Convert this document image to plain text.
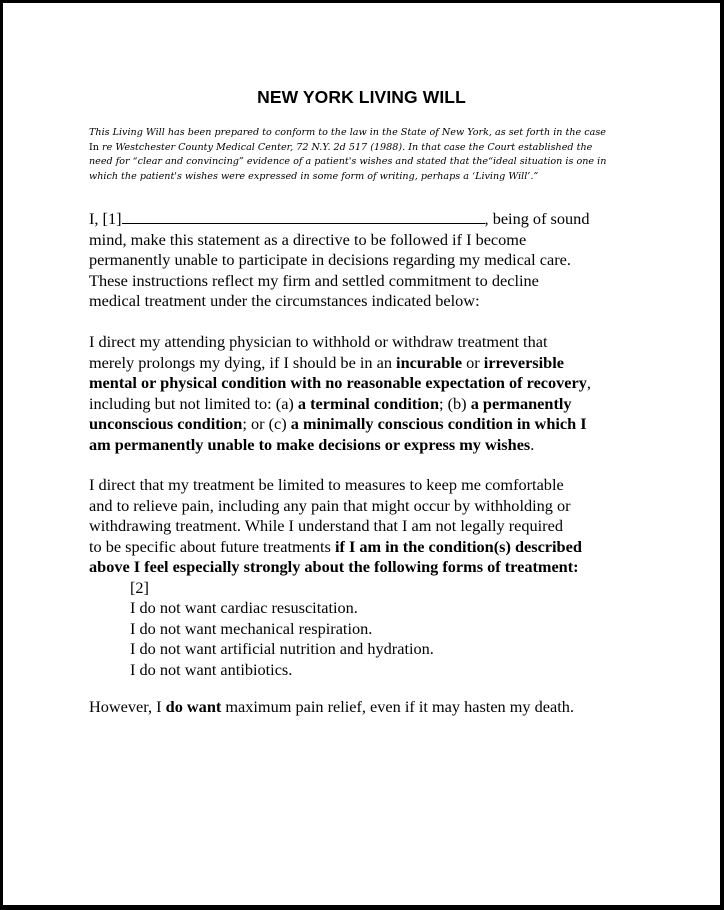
NEW YORK LIVING WILL
This Living Will has been prepared to conform to the law in the State of New York, as set forth in the case
In re Westchester County Medical Center, 72 N.Y. 2d 517 (1988). In that case the Court established the
need for “clear and convincing” evidence of a patient's wishes and stated that the“ideal situation is one in
which the patient's wishes were expressed in some form of writing, perhaps a ‘Living Will’.”
I, [1]	, being of sound
mind, make this statement as a directive to be followed if I become
permanently unable to participate in decisions regarding my medical care.
These instructions reflect my firm and settled commitment to decline
medical treatment under the circumstances indicated below:
I direct my attending physician to withhold or withdraw treatment that
merely prolongs my dying, if I should be in an incurable or irreversible
mental or physical condition with no reasonable expectation of recovery,
including but not limited to: (a) a terminal condition; (b) a permanently
unconscious condition; or (c) a minimally conscious condition in which I
am permanently unable to make decisions or express my wishes.
I direct that my treatment be limited to measures to keep me comfortable
and to relieve pain, including any pain that might occur by withholding or
withdrawing treatment. While I understand that I am not legally required
to be specific about future treatments if I am in the condition(s) described
above I feel especially strongly about the following forms of treatment:
[2]
I do not want cardiac resuscitation.
I do not want mechanical respiration.
I do not want artificial nutrition and hydration.
I do not want antibiotics.
However, I do want maximum pain relief, even if it may hasten my death.
